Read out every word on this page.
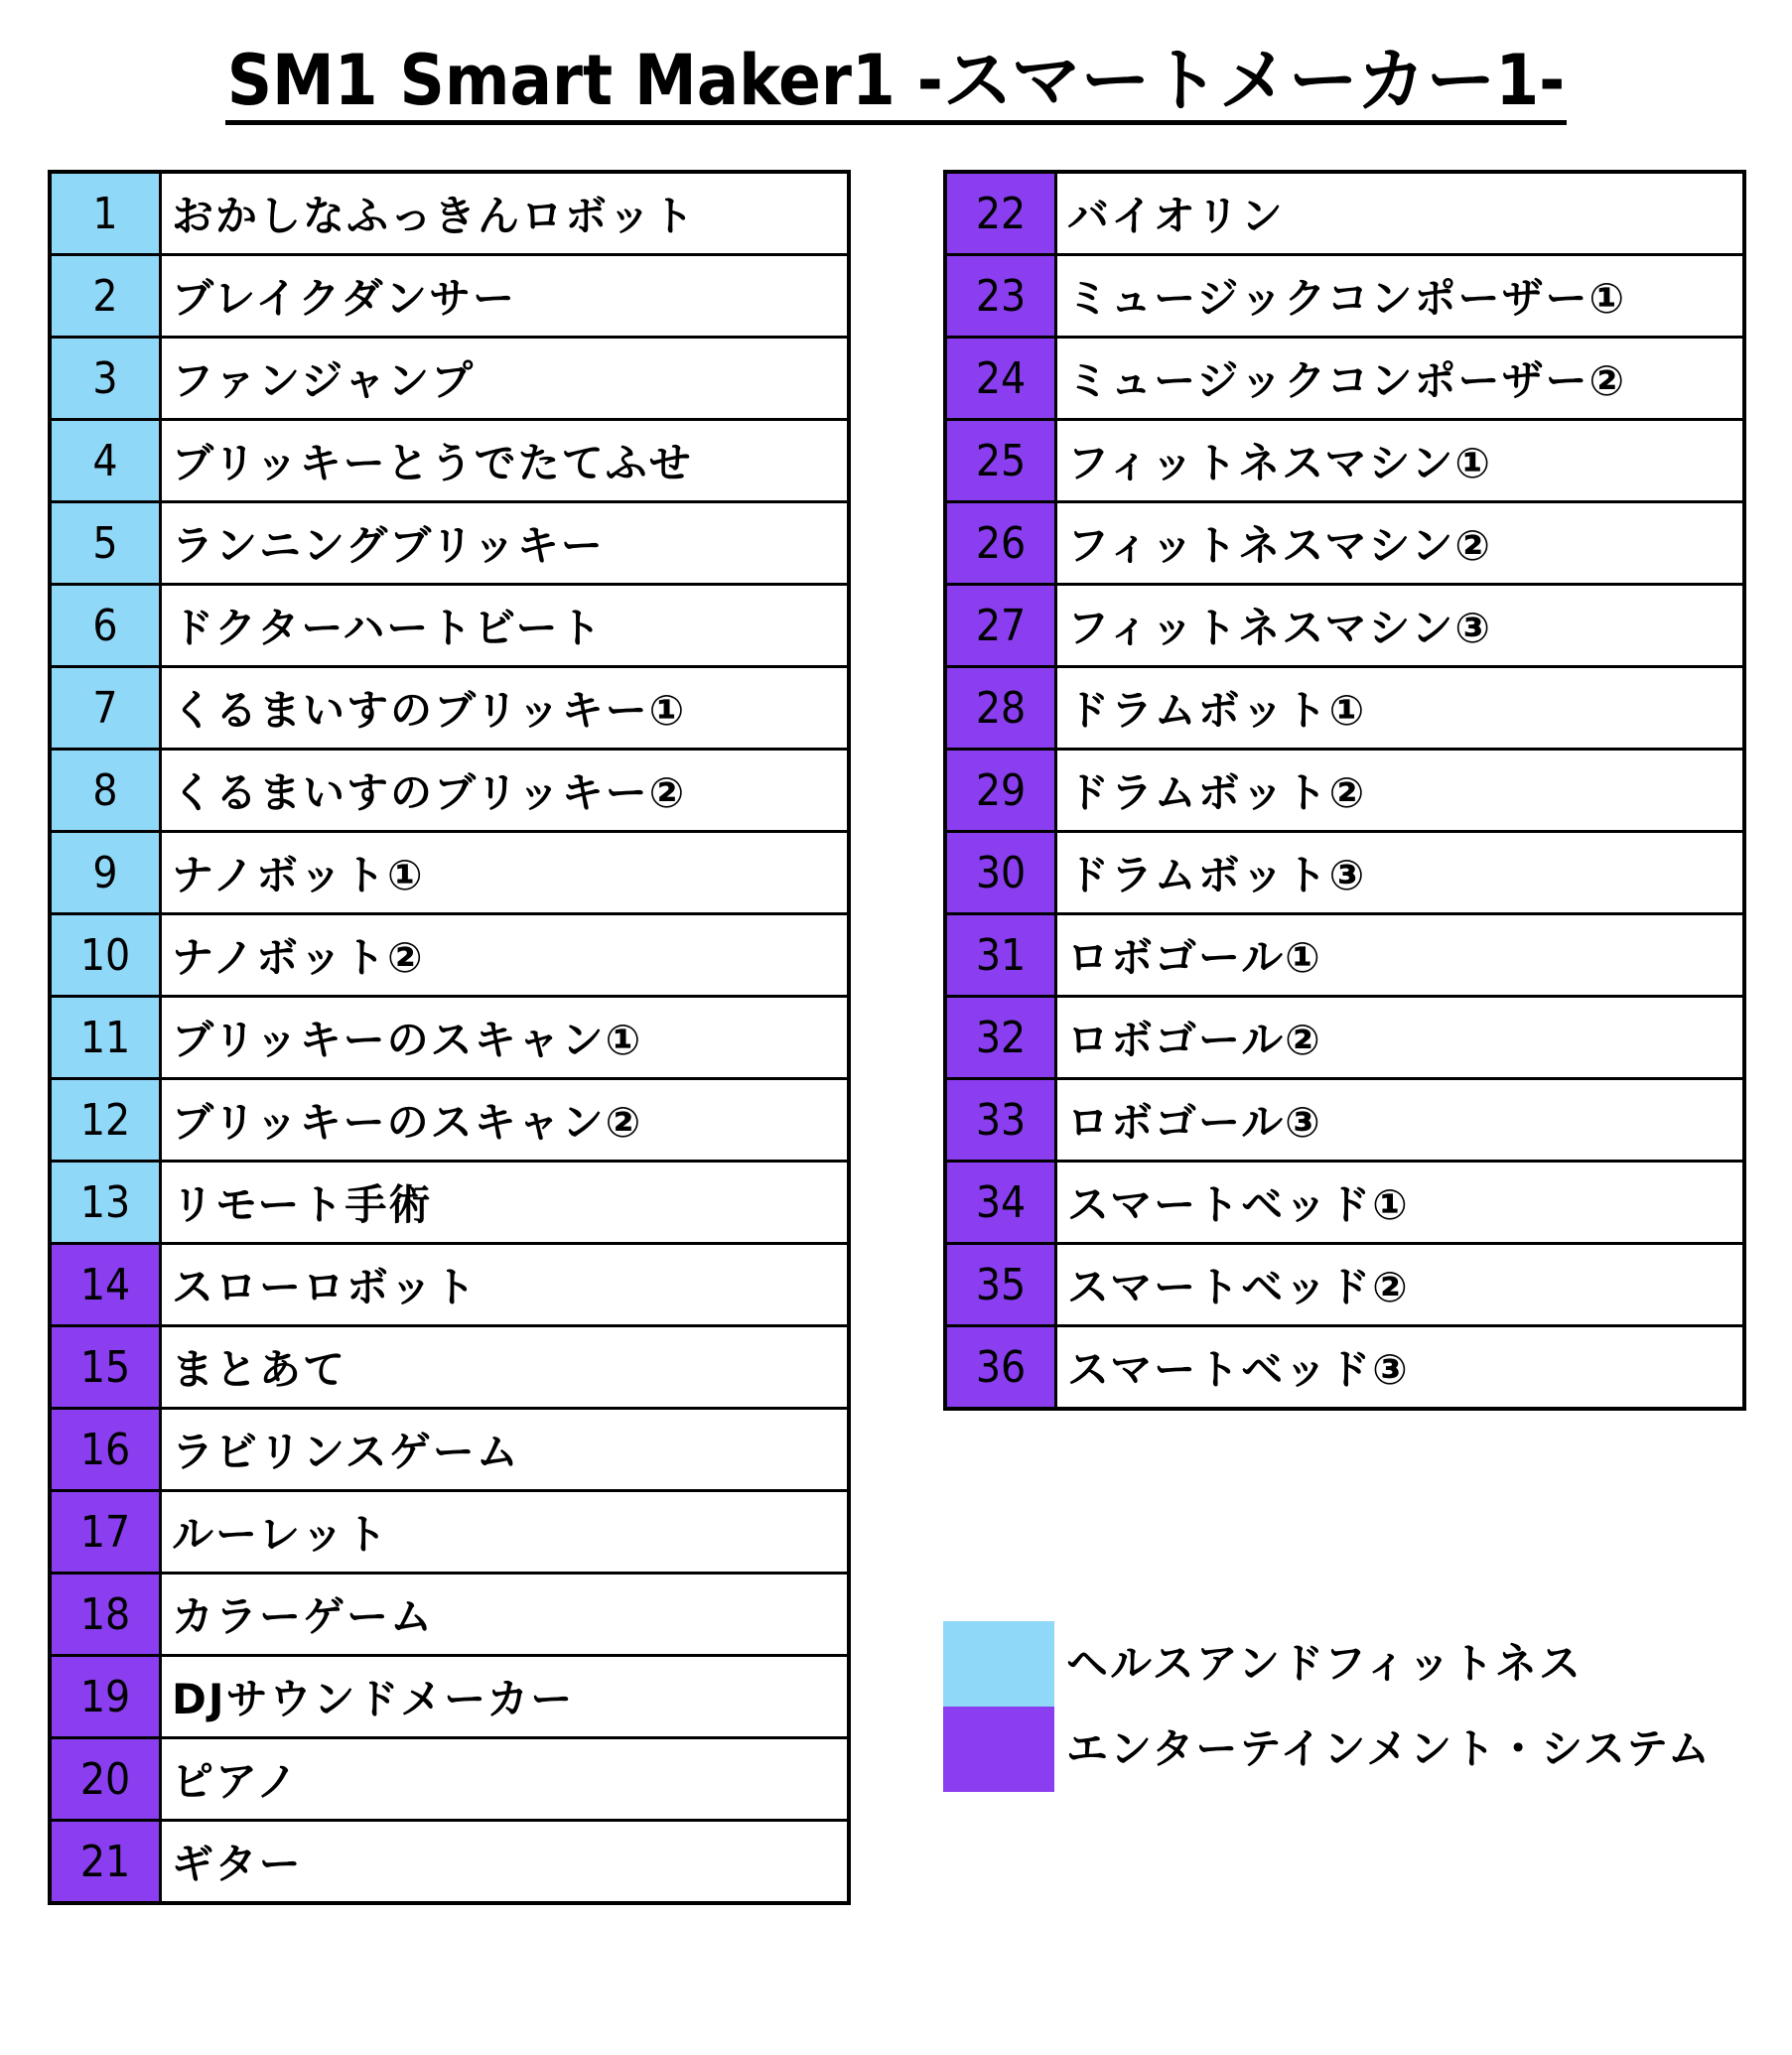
SM1 Smart Maker1 -スマートメーカー1-
1	おかしなふっきんロボット
2	ブレイクダンサー
3	ファンジャンプ
4	ブリッキーとうでたてふせ
5	ランニングブリッキー
6	ドクターハートビート
7	くるまいすのブリッキー①
8	くるまいすのブリッキー②
9	ナノボット①
10	ナノボット②
11	ブリッキーのスキャン①
12	ブリッキーのスキャン②
13	リモート手術
14	スローロボット
15	まとあて
16	ラビリンスゲーム
17	ルーレット
18	カラーゲーム
19	DJサウンドメーカー
20	ピアノ
21	ギター
22	バイオリン
23	ミュージックコンポーザー①
24	ミュージックコンポーザー②
25	フィットネスマシン①
26	フィットネスマシン②
27	フィットネスマシン③
28	ドラムボット①
29	ドラムボット②
30	ドラムボット③
31	ロボゴール①
32	ロボゴール②
33	ロボゴール③
34	スマートベッド①
35	スマートベッド②
36	スマートベッド③
ヘルスアンドフィットネス
エンターテインメント・システム
